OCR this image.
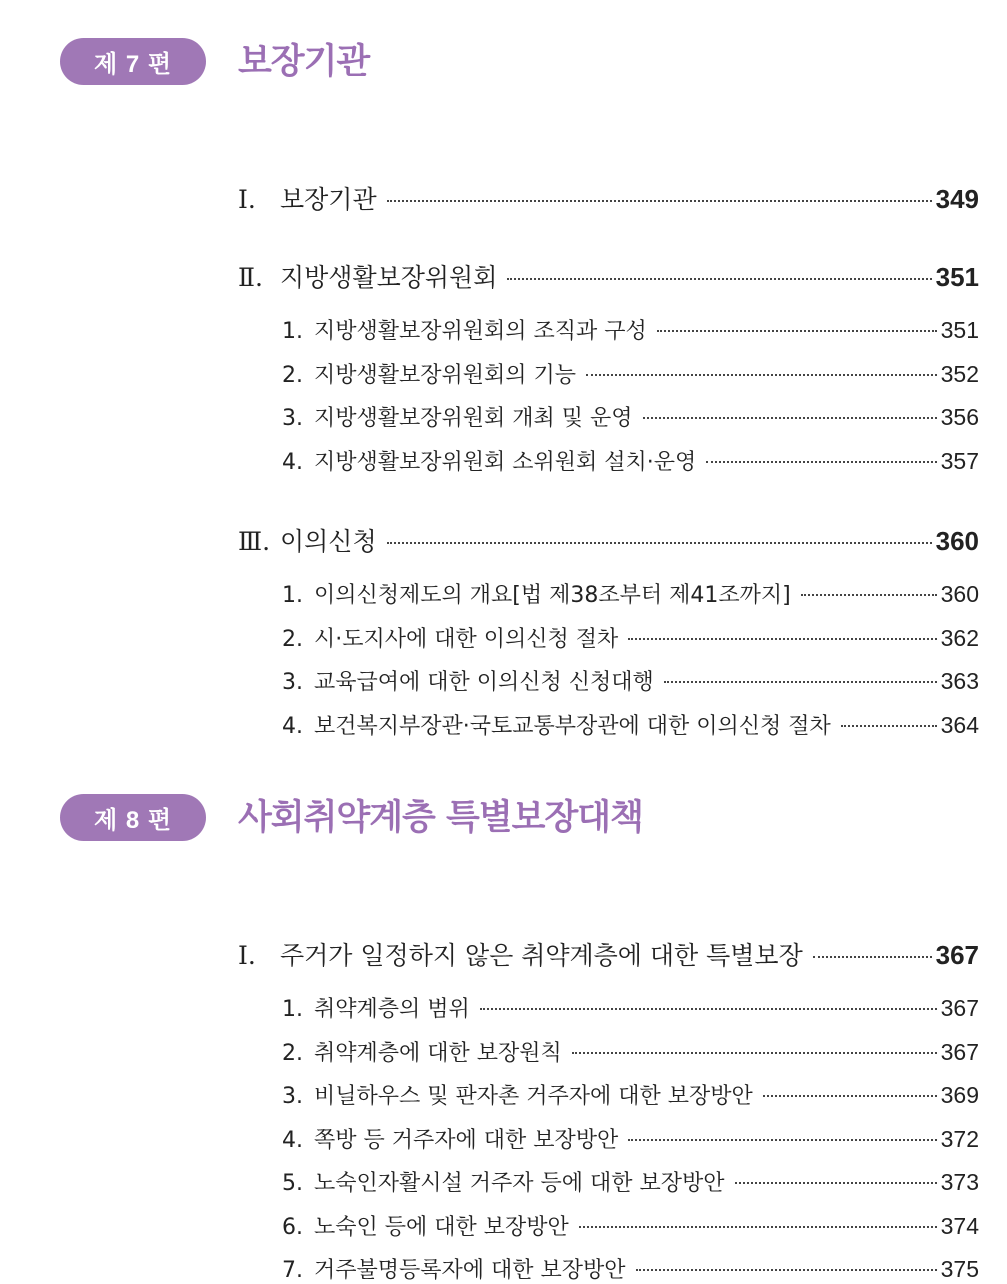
제 7 편	보장기관
Ⅰ. 보장기관	349
Ⅱ. 지방생활보장위원회	351
1. 지방생활보장위원회의 조직과 구성	351
2. 지방생활보장위원회의 기능	352
3. 지방생활보장위원회 개최 및 운영	356
4. 지방생활보장위원회 소위원회 설치·운영	357
Ⅲ. 이의신청	360
1. 이의신청제도의 개요[법 제38조부터 제41조까지]	360
2. 시·도지사에 대한 이의신청 절차	362
3. 교육급여에 대한 이의신청 신청대행	363
4. 보건복지부장관·국토교통부장관에 대한 이의신청 절차	364
제 8 편	사회취약계층 특별보장대책
Ⅰ. 주거가 일정하지 않은 취약계층에 대한 특별보장	367
1. 취약계층의 범위	367
2. 취약계층에 대한 보장원칙	367
3. 비닐하우스 및 판자촌 거주자에 대한 보장방안	369
4. 쪽방 등 거주자에 대한 보장방안	372
5. 노숙인자활시설 거주자 등에 대한 보장방안	373
6. 노숙인 등에 대한 보장방안	374
7. 거주불명등록자에 대한 보장방안	375
